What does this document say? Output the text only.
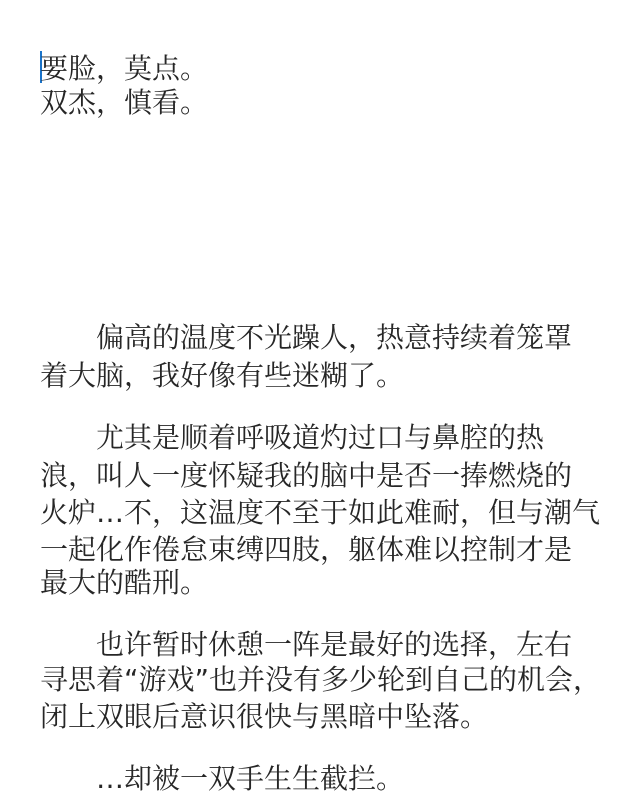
要脸，莫点。

双杰，慎看。

偏高的温度不光躁人，热意持续着笼罩

着大脑，我好像有些迷糊了。

尤其是顺着呼吸道灼过口与鼻腔的热

浪，叫人一度怀疑我的脑中是否一捧燃烧的

火炉…不，这温度不至于如此难耐，但与潮气

一起化作倦怠束缚四肢，躯体难以控制才是

最大的酷刑。

也许暂时休憩一阵是最好的选择，左右

寻思着“游戏”也并没有多少轮到自己的机会，

闭上双眼后意识很快与黑暗中坠落。

…却被一双手生生截拦。
